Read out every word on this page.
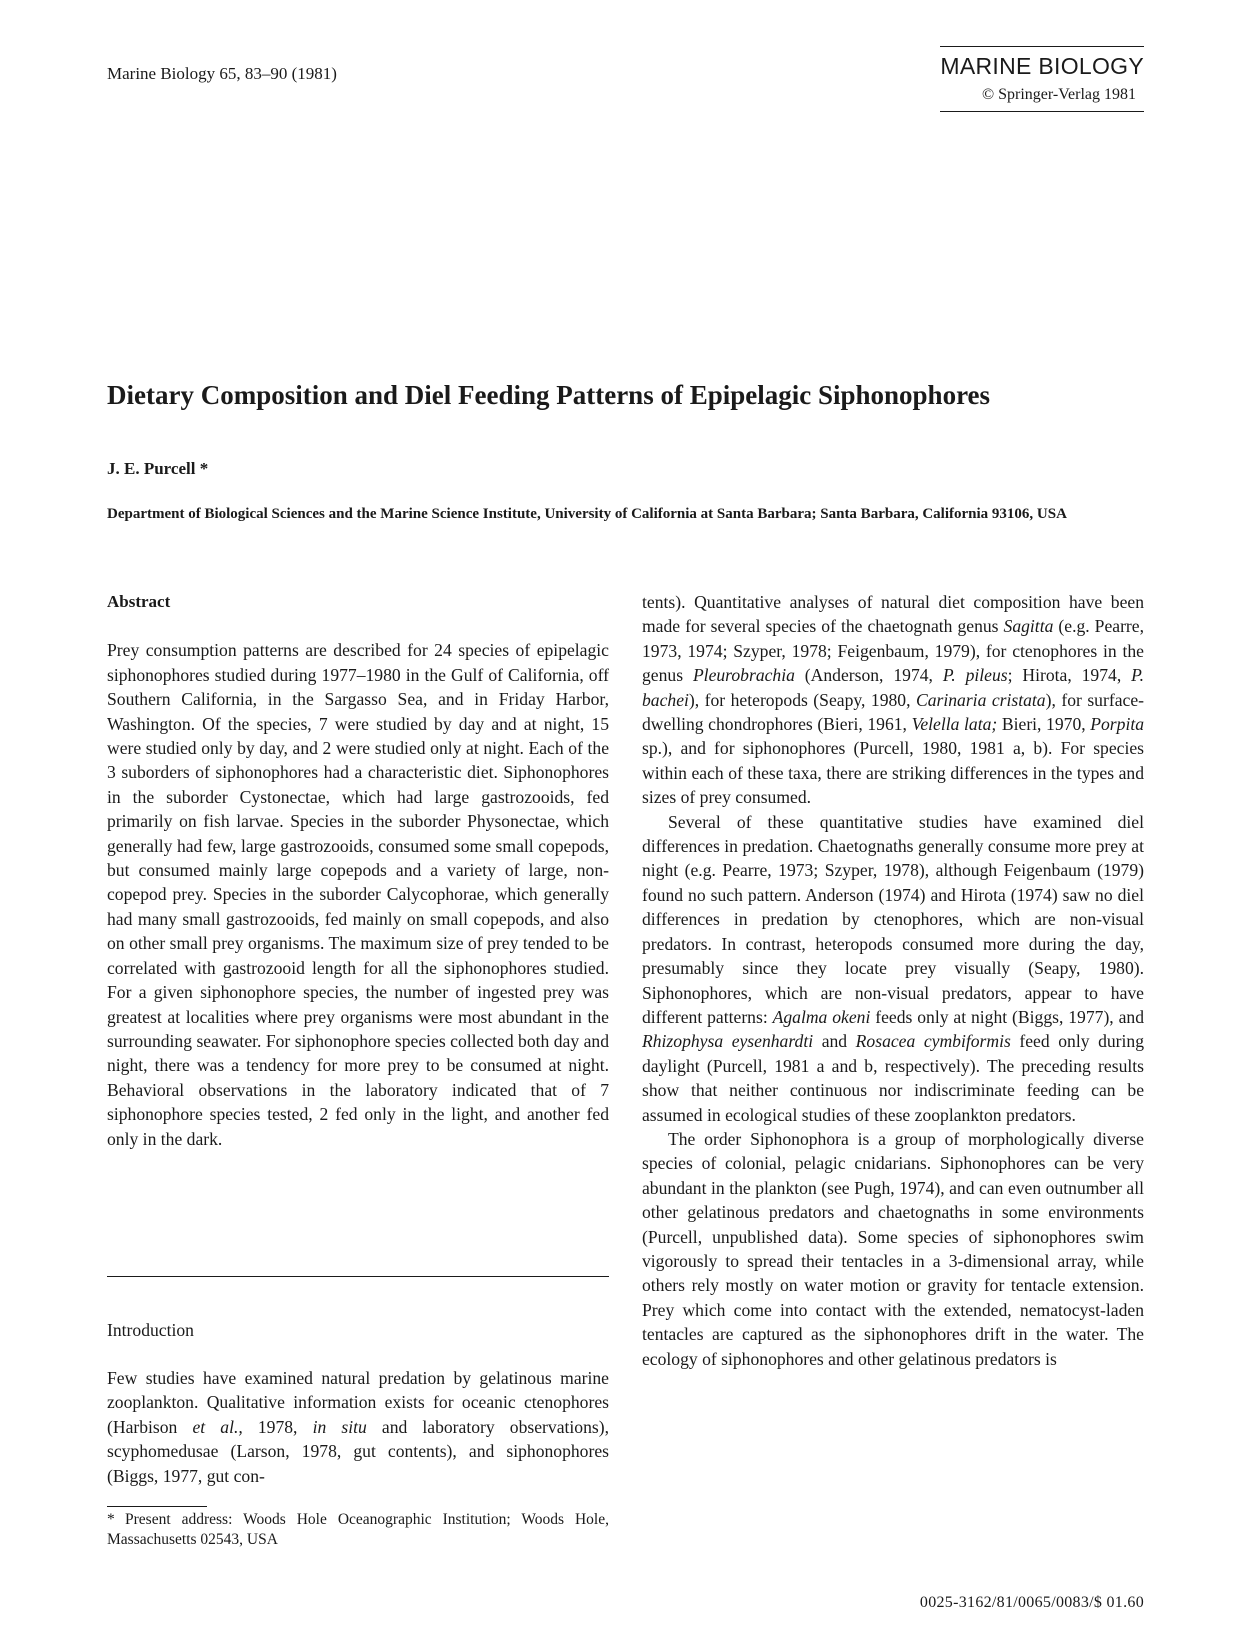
Marine Biology 65, 83–90 (1981)	MARINE BIOLOGY
© Springer-Verlag 1981
Dietary Composition and Diel Feeding Patterns of Epipelagic Siphonophores
J. E. Purcell *
Department of Biological Sciences and the Marine Science Institute, University of California at Santa Barbara; Santa Barbara, California 93106, USA
Abstract

Prey consumption patterns are described for 24 species of epipelagic siphonophores studied during 1977–1980 in the Gulf of California, off Southern California, in the Sargasso Sea, and in Friday Harbor, Washington. Of the species, 7 were studied by day and at night, 15 were studied only by day, and 2 were studied only at night. Each of the 3 suborders of siphonophores had a characteristic diet. Siphonophores in the suborder Cystonectae, which had large gastrozooids, fed primarily on fish larvae. Species in the suborder Physonectae, which generally had few, large gastrozooids, consumed some small copepods, but consumed mainly large copepods and a variety of large, non-copepod prey. Species in the suborder Calycophorae, which generally had many small gastrozooids, fed mainly on small copepods, and also on other small prey organisms. The maximum size of prey tended to be correlated with gastrozooid length for all the siphonophores studied. For a given siphonophore species, the number of ingested prey was greatest at localities where prey organisms were most abundant in the surrounding seawater. For siphonophore species collected both day and night, there was a tendency for more prey to be consumed at night. Behavioral observations in the laboratory indicated that of 7 siphonophore species tested, 2 fed only in the light, and another fed only in the dark.

Introduction

Few studies have examined natural predation by gelatinous marine zooplankton. Qualitative information exists for oceanic ctenophores (Harbison et al., 1978, in situ and laboratory observations), scyphomedusae (Larson, 1978, gut contents), and siphonophores (Biggs, 1977, gut con-

* Present address: Woods Hole Oceanographic Institution; Woods Hole, Massachusetts 02543, USA

tents). Quantitative analyses of natural diet composition have been made for several species of the chaetognath genus Sagitta (e.g. Pearre, 1973, 1974; Szyper, 1978; Feigenbaum, 1979), for ctenophores in the genus Pleurobrachia (Anderson, 1974, P. pileus; Hirota, 1974, P. bachei), for heteropods (Seapy, 1980, Carinaria cristata), for surface-dwelling chondrophores (Bieri, 1961, Velella lata; Bieri, 1970, Porpita sp.), and for siphonophores (Purcell, 1980, 1981 a, b). For species within each of these taxa, there are striking differences in the types and sizes of prey consumed.

Several of these quantitative studies have examined diel differences in predation. Chaetognaths generally consume more prey at night (e.g. Pearre, 1973; Szyper, 1978), although Feigenbaum (1979) found no such pattern. Anderson (1974) and Hirota (1974) saw no diel differences in predation by ctenophores, which are non-visual predators. In contrast, heteropods consumed more during the day, presumably since they locate prey visually (Seapy, 1980). Siphonophores, which are non-visual predators, appear to have different patterns: Agalma okeni feeds only at night (Biggs, 1977), and Rhizophysa eysenhardti and Rosacea cymbiformis feed only during daylight (Purcell, 1981 a and b, respectively). The preceding results show that neither continuous nor indiscriminate feeding can be assumed in ecological studies of these zooplankton predators.

The order Siphonophora is a group of morphologically diverse species of colonial, pelagic cnidarians. Siphonophores can be very abundant in the plankton (see Pugh, 1974), and can even outnumber all other gelatinous predators and chaetognaths in some environments (Purcell, unpublished data). Some species of siphonophores swim vigorously to spread their tentacles in a 3-dimensional array, while others rely mostly on water motion or gravity for tentacle extension. Prey which come into contact with the extended, nematocyst-laden tentacles are captured as the siphonophores drift in the water. The ecology of siphonophores and other gelatinous predators is

0025-3162/81/0065/0083/$ 01.60
